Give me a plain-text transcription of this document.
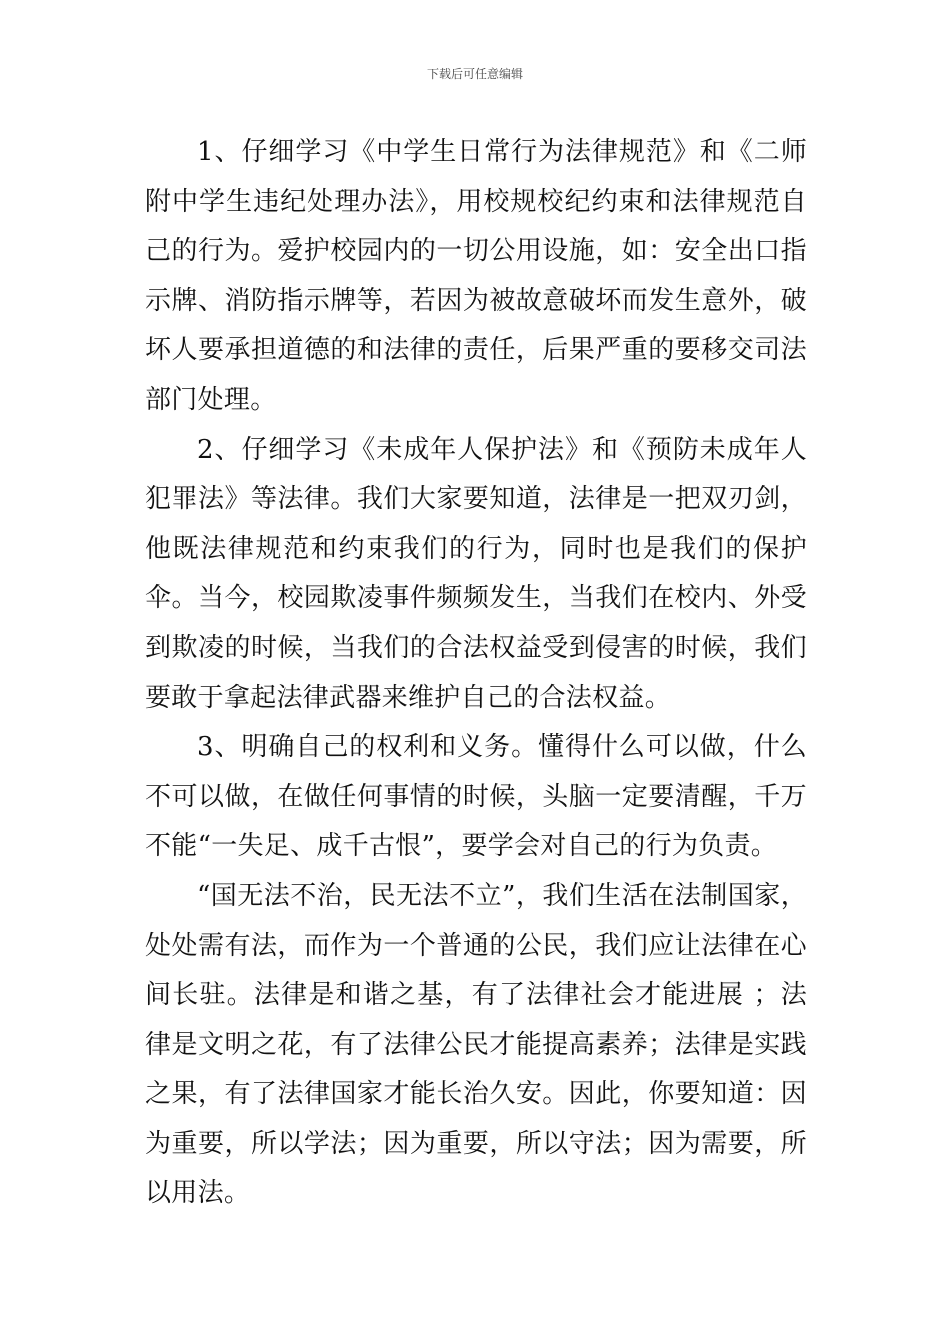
下载后可任意编辑

1、仔细学习《中学生日常行为法律规范》和《二师附中学生违纪处理办法》，用校规校纪约束和法律规范自己的行为。爱护校园内的一切公用设施，如：安全出口指示牌、消防指示牌等，若因为被故意破坏而发生意外，破坏人要承担道德的和法律的责任，后果严重的要移交司法部门处理。

2、仔细学习《未成年人保护法》和《预防未成年人犯罪法》等法律。我们大家要知道，法律是一把双刃剑，他既法律规范和约束我们的行为，同时也是我们的保护伞。当今，校园欺凌事件频频发生，当我们在校内、外受到欺凌的时候，当我们的合法权益受到侵害的时候，我们要敢于拿起法律武器来维护自己的合法权益。

3、明确自己的权利和义务。懂得什么可以做，什么不可以做，在做任何事情的时候，头脑一定要清醒，千万不能“一失足、成千古恨”，要学会对自己的行为负责。

“国无法不治，民无法不立”，我们生活在法制国家，处处需有法，而作为一个普通的公民，我们应让法律在心间长驻。法律是和谐之基，有了法律社会才能进展 ；法律是文明之花，有了法律公民才能提高素养；法律是实践之果，有了法律国家才能长治久安。因此，你要知道：因为重要，所以学法；因为重要，所以守法；因为需要，所以用法。
